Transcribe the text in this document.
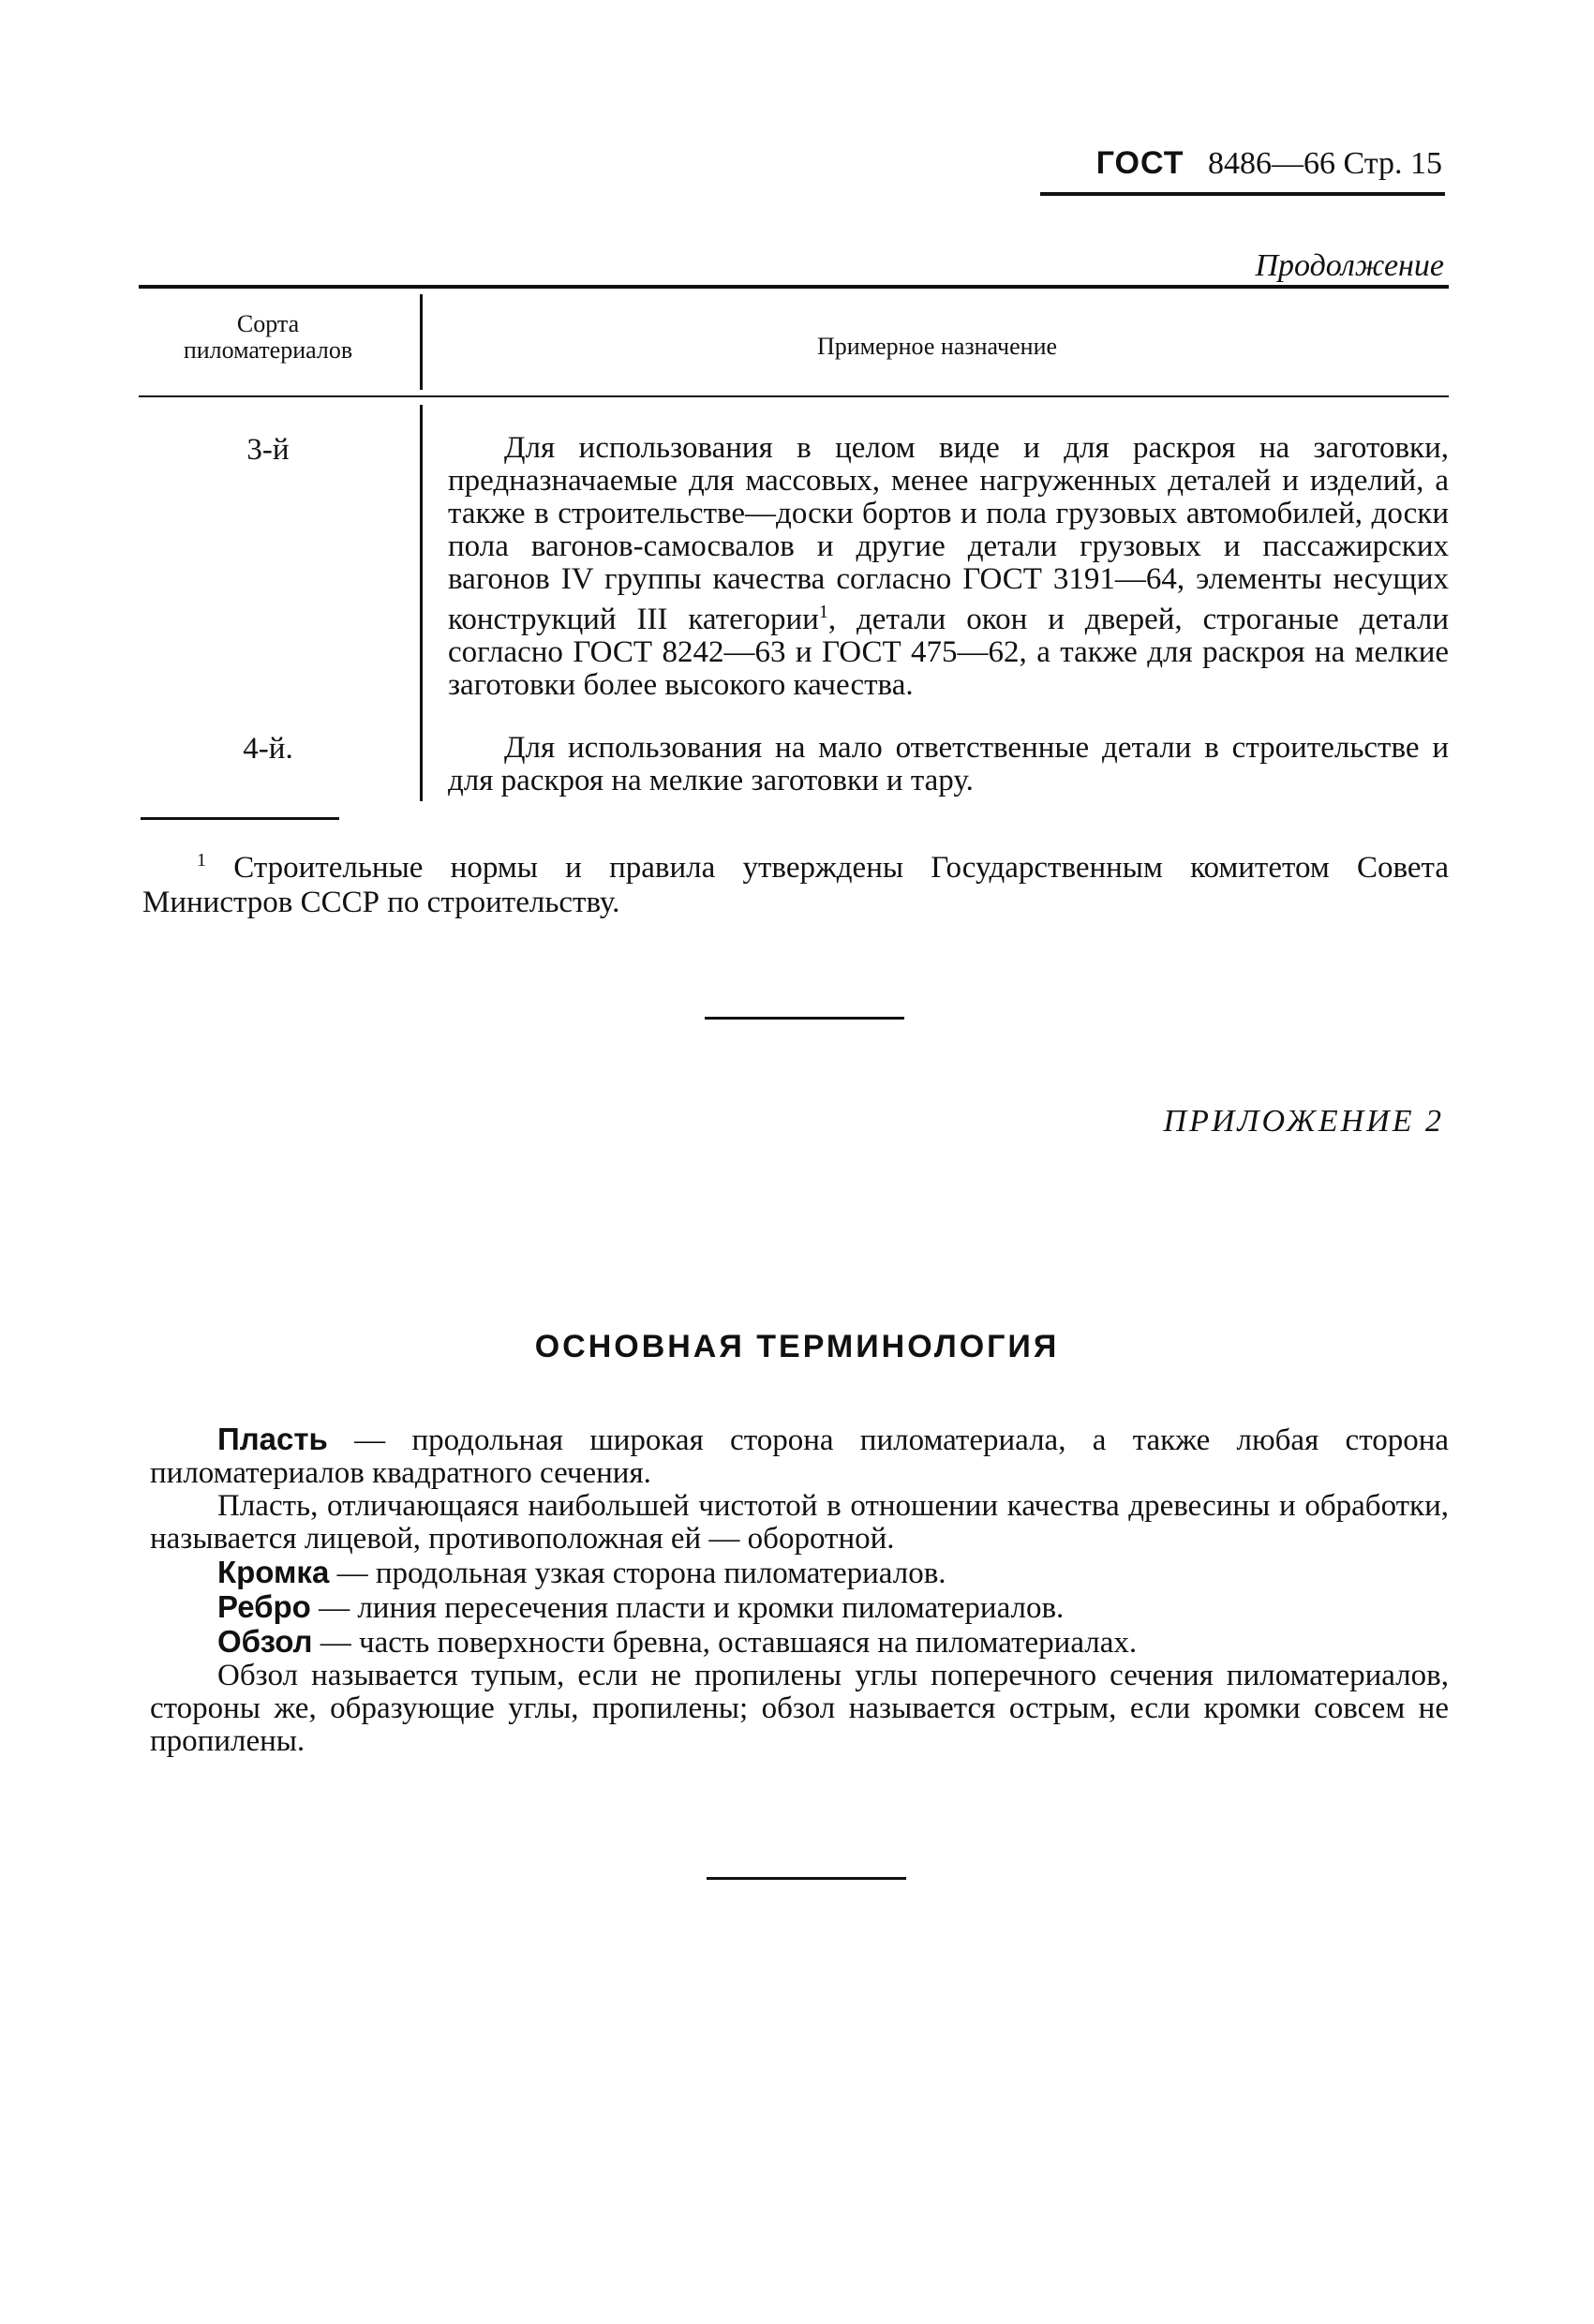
ГОСТ 8486—66 Стр. 15
Продолжение
Сорта
пиломатериалов	Примерное назначение
3-й	Для использования в целом виде и для раскроя на заготовки, предназначаемые для массовых, менее нагруженных деталей и изделий, а также в строительстве—доски бортов и пола грузовых автомобилей, доски пола вагонов-самосвалов и другие детали грузовых и пассажирских вагонов IV группы качества согласно ГОСТ 3191—64, элементы несущих конструкций III категории$^1$, детали окон и дверей, строганые детали согласно ГОСТ 8242—63 и ГОСТ 475—62, а также для раскроя на мелкие заготовки более высокого качества.

4-й.	Для использования на мало ответственные детали в строительстве и для раскроя на мелкие заготовки и тару.

$^1$ Строительные нормы и правила утверждены Государственным комитетом Совета Министров СССР по строительству.
ПРИЛОЖЕНИЕ 2
ОСНОВНАЯ ТЕРМИНОЛОГИЯ

Пласть — продольная широкая сторона пиломатериала, а также любая сторона пиломатериалов квадратного сечения.

Пласть, отличающаяся наибольшей чистотой в отношении качества древесины и обработки, называется лицевой, противоположная ей — оборотной.

Кромка — продольная узкая сторона пиломатериалов.

Ребро — линия пересечения пласти и кромки пиломатериалов.

Обзол — часть поверхности бревна, оставшаяся на пиломатериалах.

Обзол называется тупым, если не пропилены углы поперечного сечения пиломатериалов, стороны же, образующие углы, пропилены; обзол называется острым, если кромки совсем не пропилены.
